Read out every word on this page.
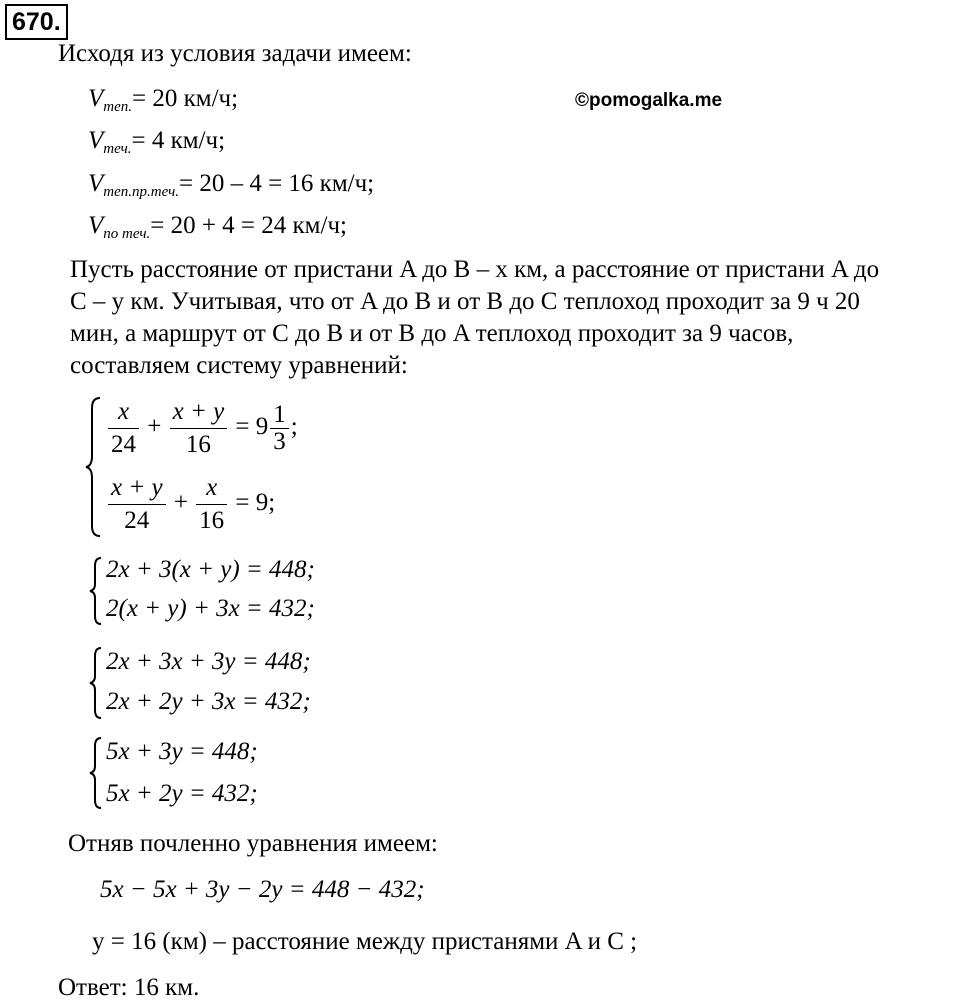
670.
Исходя из условия задачи имеем:
©pomogalka.me
$V_{теп.}= 20$ км/ч;
$V_{теч.}= 4$ км/ч;
$V_{теп.пр.теч.}= 20 - 4 = 16$ км/ч;
$V_{по теч.}= 20 + 4 = 24$ км/ч;
Пусть расстояние от пристани A до B – x км, а расстояние от пристани A до
C – y км. Учитывая, что от A до B и от B до C теплоход проходит за 9 ч 20
мин, а маршрут от C до B и от B до A теплоход проходит за 9 часов,
составляем систему уравнений:
$\frac{x}{24} + \frac{x + y}{16} = 9 \frac{1}{3}$ ;
$\frac{x + y}{24} + \frac{x}{16} = 9$;
2x + 3(x + y) = 448;
2(x + y) + 3x = 432;
2x + 3x + 3y = 448;
2x + 2y + 3x = 432;
5x + 3y = 448;
5x + 2y = 432;
Отняв почленно уравнения имеем:
5x − 5x + 3y − 2y = 448 − 432;
y = 16 (км) – расстояние между пристанями A и C ;
Ответ: 16 км.
